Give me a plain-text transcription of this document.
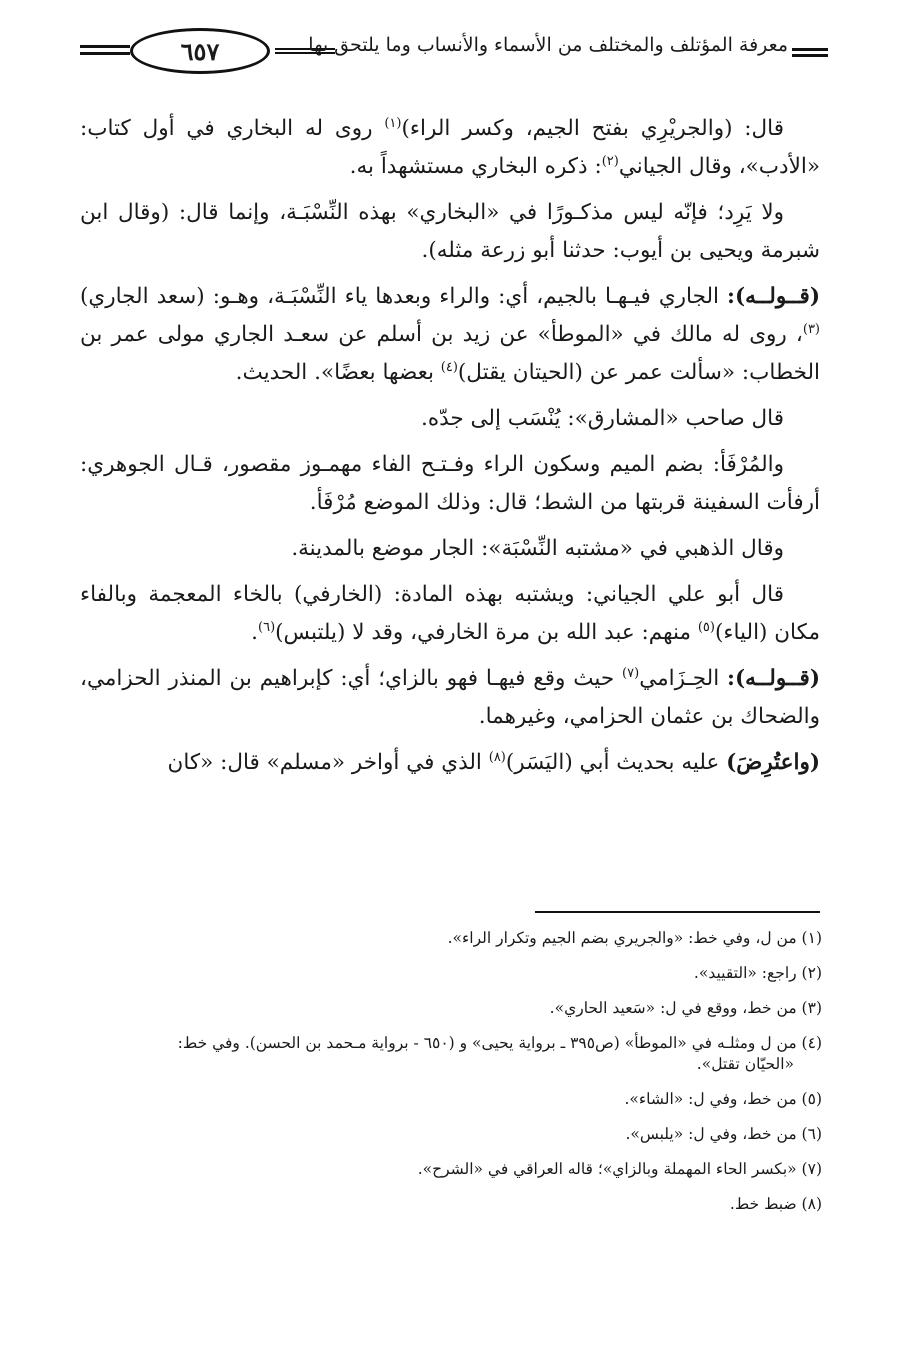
٦٥٧	معرفة المؤتلف والمختلف من الأسماء والأنساب وما يلتحق بها

قال: (والجريْرِي بفتح الجيم، وكسر الراء)$^{(١)}$ روى له البخاري في أول كتاب: «الأدب»، وقال الجياني$^{(٢)}$: ذكره البخاري مستشهداً به.

ولا يَرِد؛ فإنّه ليس مذكـورًا في «البخاري» بهذه النِّسْبَـة، وإنما قال: (وقال ابن شبرمة ويحيى بن أيوب: حدثنا أبو زرعة مثله).

(قــولــه): الجاري فيـهـا بالجيم، أي: والراء وبعدها ياء النِّسْبَـة، وهـو: (سعد الجاري)$^{(٣)}$، روى له مالك في «الموطأ» عن زيد بن أسلم عن سعـد الجاري مولى عمر بن الخطاب: «سألت عمر عن (الحيتان يقتل)$^{(٤)}$ بعضها بعضًا». الحديث.

قال صاحب «المشارق»: يُنْسَب إلى جدّه.

والمُرْفَأ: بضم الميم وسكون الراء وفـتـح الفاء مهمـوز مقصور، قـال الجوهري: أرفأت السفينة قربتها من الشط؛ قال: وذلك الموضع مُرْفَأ.

وقال الذهبي في «مشتبه النِّسْبَة»: الجار موضع بالمدينة.

قال أبو علي الجياني: ويشتبه بهذه المادة: (الخارفي) بالخاء المعجمة وبالفاء مكان (الياء)$^{(٥)}$ منهم: عبد الله بن مرة الخارفي، وقد لا (يلتبس)$^{(٦)}$.

(قــولــه): الحِـزَامي$^{(٧)}$ حيث وقع فيهـا فهو بالزاي؛ أي: كإبراهيم بن المنذر الحزامي، والضحاك بن عثمان الحزامي، وغيرهما.

(واعتُرِضَ) عليه بحديث أبي (اليَسَر)$^{(٨)}$ الذي في أواخر «مسلم» قال: «كان

(١) من ل، وفي خط: «والجريري بضم الجيم وتكرار الراء».
(٢) راجع: «التقييد».
(٣) من خط، ووقع في ل: «سَعيد الحاري».
(٤) من ل ومثلـه في «الموطأ» (ص٣٩٥ ـ برواية يحيى» و (٦٥٠ - برواية مـحمد بن الحسن). وفي خط:
«الحيّان تقتل».
(٥) من خط، وفي ل: «الشاء».
(٦) من خط، وفي ل: «يلبس».
(٧) «بكسر الحاء المهملة وبالزاي»؛ قاله العراقي في «الشرح».
(٨) ضبط خط.
